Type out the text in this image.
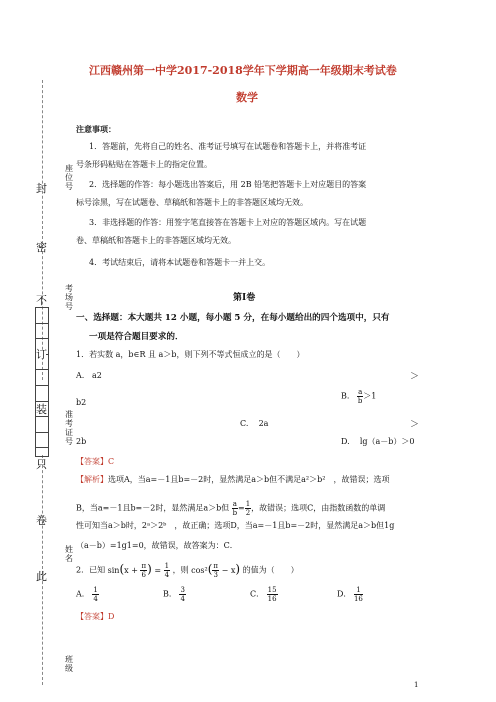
座位号
封
密
不
考场号
订
装 准考证号
只
卷
姓名
此
班级
江西赣州第一中学2017-2018学年下学期高一年级期末考试卷
数学
注意事项：
1．答题前，先将自己的姓名、准考证号填写在试题卷和答题卡上，并将准考证
号条形码粘贴在答题卡上的指定位置。
2．选择题的作答：每小题选出答案后，用 2B 铅笔把答题卡上对应题目的答案
标号涂黑，写在试题卷、草稿纸和答题卡上的非答题区域均无效。
3．非选择题的作答：用签字笔直接答在答题卡上对应的答题区域内。写在试题
卷、草稿纸和答题卡上的非答题区域均无效。
4．考试结束后，请将本试题卷和答题卡一并上交。
第Ⅰ卷
一、选择题：本大题共 12 小题，每小题 5 分，在每小题给出的四个选项中，只有
一项是符合题目要求的．
1．若实数 a，b∈R 且 a＞b，则下列不等式恒成立的是（　　）
A. a2	＞
b2
B. $\frac{a}{b} >1$
C. 2a	＞
2b	D. lg（a－b）＞0
【答案】C
【解析】选项A，当a=－1且b=－2时，显然满足a＞b但不满足a²＞b²　，故错误；选项
B，当a=－1且b=－2时，显然满足a＞b但 $\frac{a}{b} = \frac{1}{2}$ ，故错误；选项C，由指数函数的单调
性可知当a＞b时，2ᵃ＞2ᵇ　，故正确；选项D，当a=－1且b=－2时，显然满足a＞b但1g
（a－b）=1g1=0，故错误，故答案为：C．
2．已知 $\sin(x + \frac{\pi}{6}$ ) = $\frac{1}{4}$ ，则 $\cos^2( \frac{\pi}{3} - x)$ 的值为（　　）
A． $\frac{1}{4}$	B． $\frac{3}{4}$	C． $\frac{15}{16}$	D． $\frac{1}{16}$
【答案】D
1
